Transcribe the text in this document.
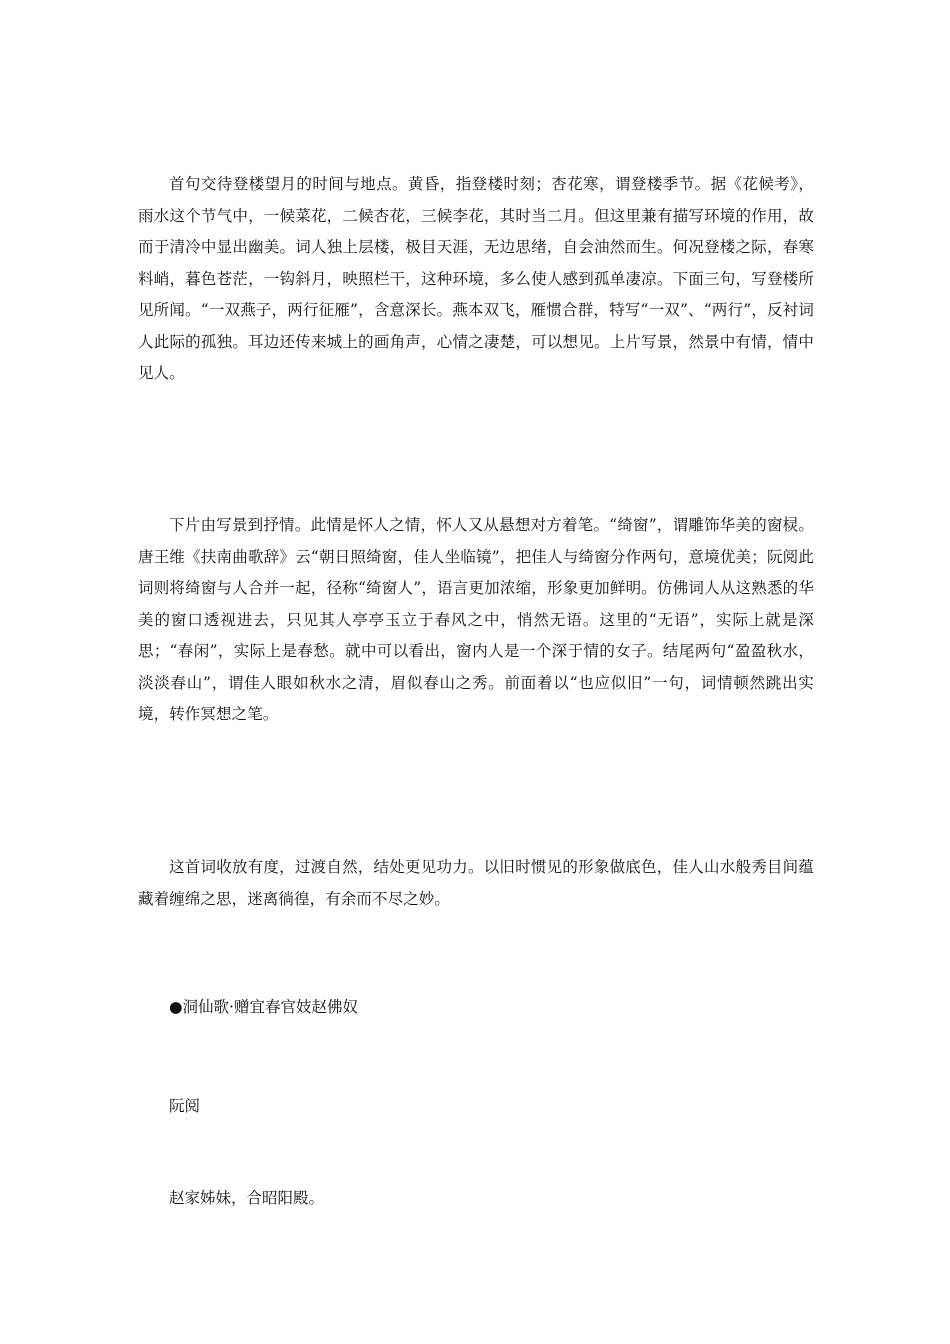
首句交待登楼望月的时间与地点。黄昏，指登楼时刻；杏花寒，谓登楼季节。据《花候考》，雨水这个节气中，一候菜花，二候杏花，三候李花，其时当二月。但这里兼有描写环境的作用，故而于清冷中显出幽美。词人独上层楼，极目天涯，无边思绪，自会油然而生。何况登楼之际，春寒料峭，暮色苍茫，一钩斜月，映照栏干，这种环境，多么使人感到孤单凄凉。下面三句，写登楼所见所闻。“一双燕子，两行征雁”，含意深长。燕本双飞，雁惯合群，特写“一双”、“两行”，反衬词人此际的孤独。耳边还传来城上的画角声，心情之凄楚，可以想见。上片写景，然景中有情，情中见人。

下片由写景到抒情。此情是怀人之情，怀人又从悬想对方着笔。“绮窗”，谓雕饰华美的窗棂。唐王维《扶南曲歌辞》云“朝日照绮窗，佳人坐临镜”，把佳人与绮窗分作两句，意境优美；阮阅此词则将绮窗与人合并一起，径称“绮窗人”，语言更加浓缩，形象更加鲜明。仿佛词人从这熟悉的华美的窗口透视进去，只见其人亭亭玉立于春风之中，悄然无语。这里的“无语”，实际上就是深思；“春闲”，实际上是春愁。就中可以看出，窗内人是一个深于情的女子。结尾两句“盈盈秋水，淡淡春山”，谓佳人眼如秋水之清，眉似春山之秀。前面着以“也应似旧”一句，词情顿然跳出实境，转作冥想之笔。

这首词收放有度，过渡自然，结处更见功力。以旧时惯见的形象做底色，佳人山水般秀目间蕴藏着缠绵之思，迷离徜徨，有余而不尽之妙。

●洞仙歌·赠宜春官妓赵佛奴

阮阅

赵家姊妹，合昭阳殿。
